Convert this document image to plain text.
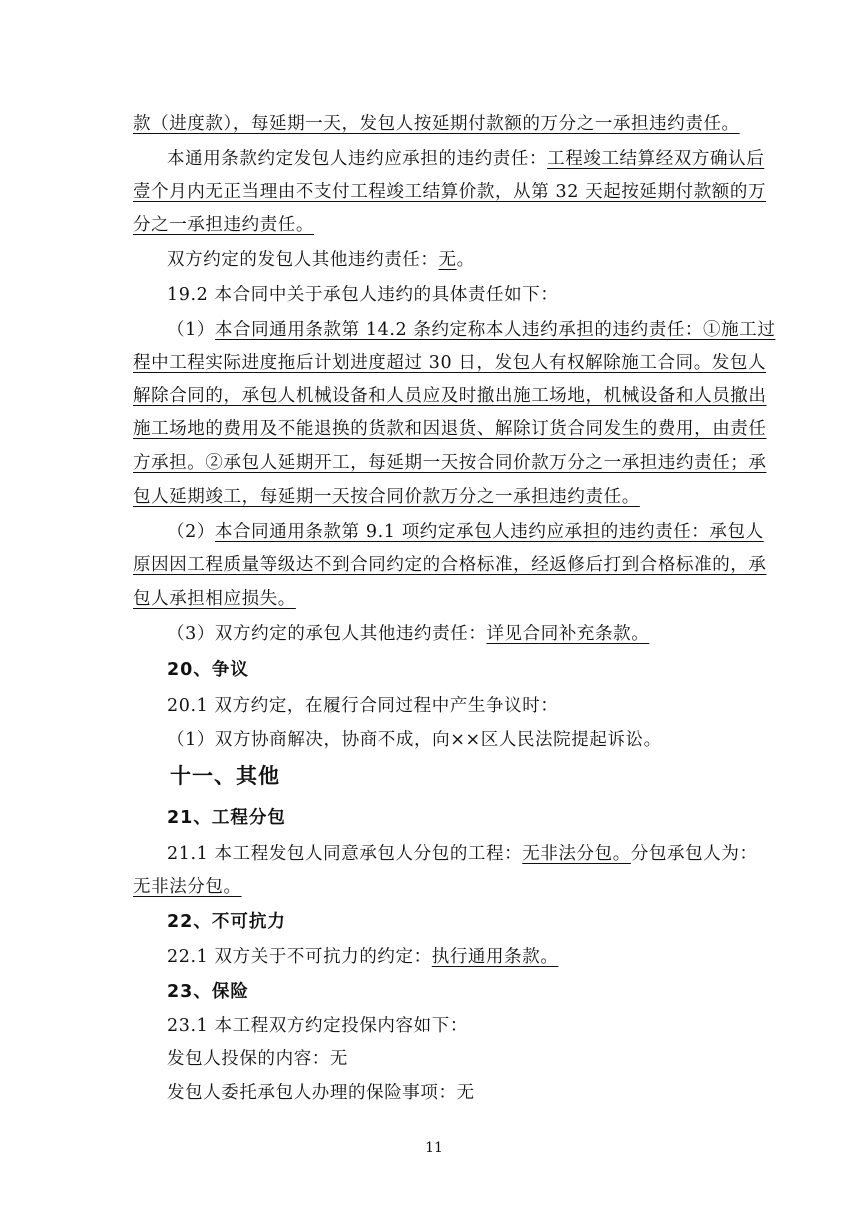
款（进度款），每延期一天，发包人按延期付款额的万分之一承担违约责任。
本通用条款约定发包人违约应承担的违约责任：工程竣工结算经双方确认后
壹个月内无正当理由不支付工程竣工结算价款，从第 32 天起按延期付款额的万
分之一承担违约责任。
双方约定的发包人其他违约责任：无。
19.2 本合同中关于承包人违约的具体责任如下：
（1）本合同通用条款第 14.2 条约定称本人违约承担的违约责任：①施工过
程中工程实际进度拖后计划进度超过 30 日，发包人有权解除施工合同。发包人
解除合同的，承包人机械设备和人员应及时撤出施工场地，机械设备和人员撤出
施工场地的费用及不能退换的货款和因退货、解除订货合同发生的费用，由责任
方承担。②承包人延期开工，每延期一天按合同价款万分之一承担违约责任；承
包人延期竣工，每延期一天按合同价款万分之一承担违约责任。
（2）本合同通用条款第 9.1 项约定承包人违约应承担的违约责任：承包人
原因因工程质量等级达不到合同约定的合格标准，经返修后打到合格标准的，承
包人承担相应损失。
（3）双方约定的承包人其他违约责任：详见合同补充条款。
20、争议
20.1 双方约定，在履行合同过程中产生争议时：
（1）双方协商解决，协商不成，向××区人民法院提起诉讼。
十一、其他
21、工程分包
21.1 本工程发包人同意承包人分包的工程：无非法分包。分包承包人为：
无非法分包。
22、不可抗力
22.1 双方关于不可抗力的约定：执行通用条款。
23、保险
23.1 本工程双方约定投保内容如下：
发包人投保的内容：无
发包人委托承包人办理的保险事项：无
11
